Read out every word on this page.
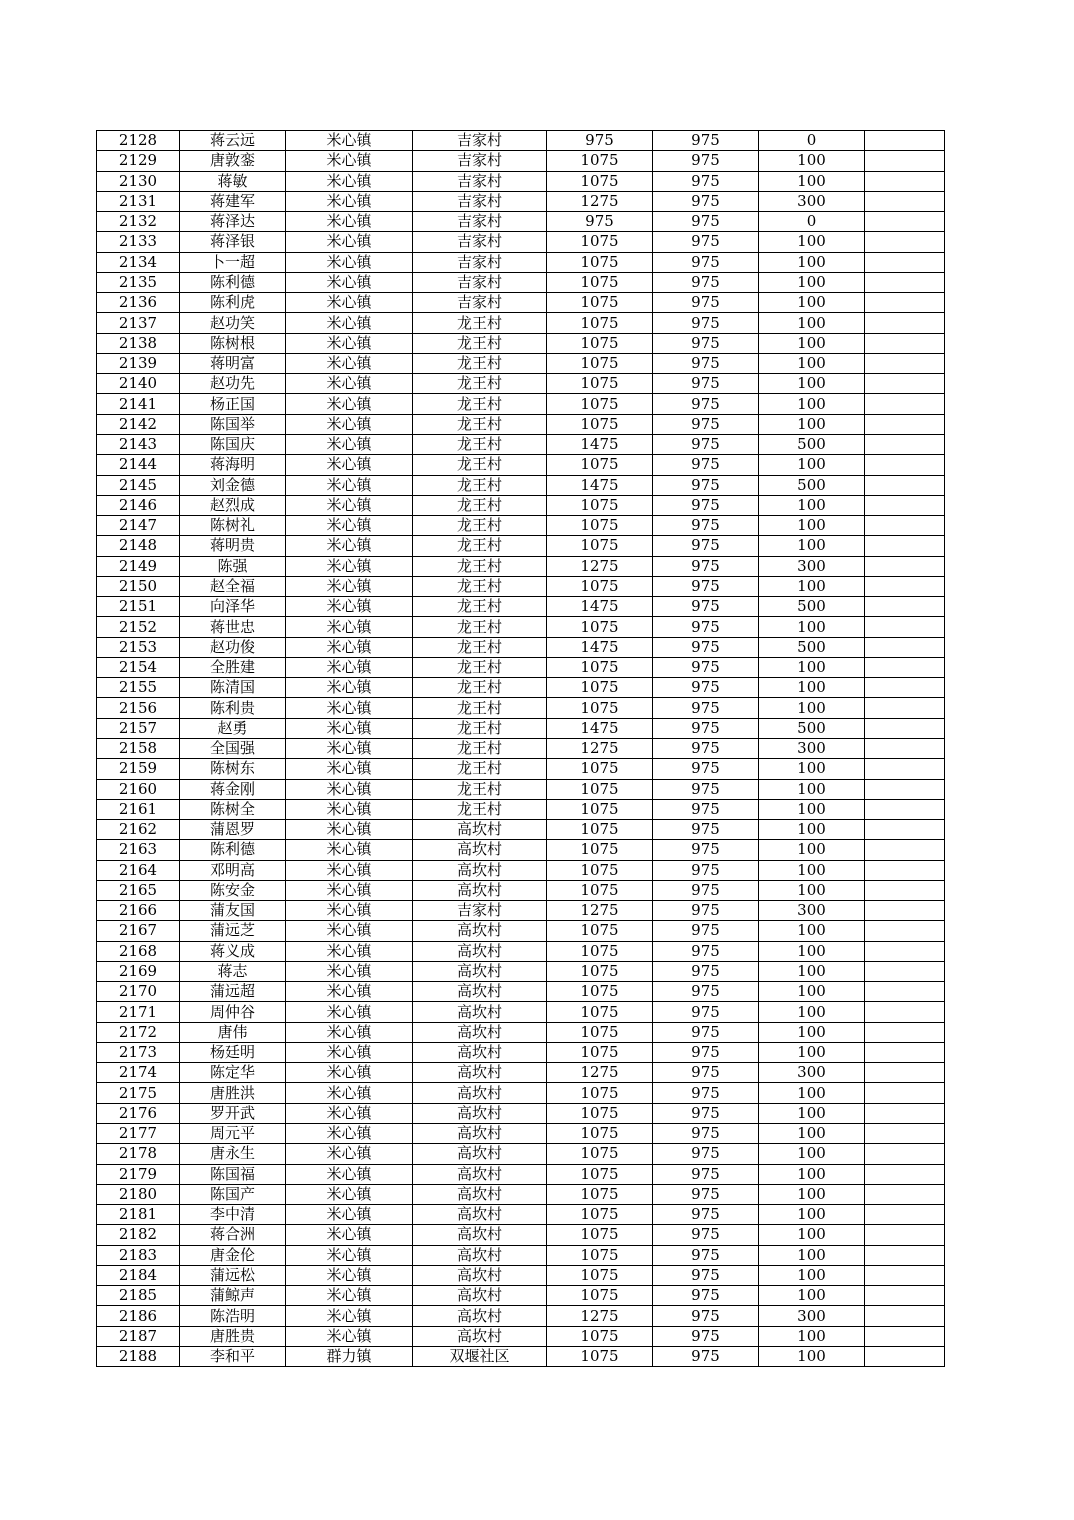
2128	蒋云远	米心镇	吉家村	975	975	0	
2129	唐敦銮	米心镇	吉家村	1075	975	100	
2130	蒋敏	米心镇	吉家村	1075	975	100	
2131	蒋建军	米心镇	吉家村	1275	975	300	
2132	蒋泽达	米心镇	吉家村	975	975	0	
2133	蒋泽银	米心镇	吉家村	1075	975	100	
2134	卜一超	米心镇	吉家村	1075	975	100	
2135	陈利德	米心镇	吉家村	1075	975	100	
2136	陈利虎	米心镇	吉家村	1075	975	100	
2137	赵功笑	米心镇	龙王村	1075	975	100	
2138	陈树根	米心镇	龙王村	1075	975	100	
2139	蒋明富	米心镇	龙王村	1075	975	100	
2140	赵功先	米心镇	龙王村	1075	975	100	
2141	杨正国	米心镇	龙王村	1075	975	100	
2142	陈国举	米心镇	龙王村	1075	975	100	
2143	陈国庆	米心镇	龙王村	1475	975	500	
2144	蒋海明	米心镇	龙王村	1075	975	100	
2145	刘金德	米心镇	龙王村	1475	975	500	
2146	赵烈成	米心镇	龙王村	1075	975	100	
2147	陈树礼	米心镇	龙王村	1075	975	100	
2148	蒋明贵	米心镇	龙王村	1075	975	100	
2149	陈强	米心镇	龙王村	1275	975	300	
2150	赵全福	米心镇	龙王村	1075	975	100	
2151	向泽华	米心镇	龙王村	1475	975	500	
2152	蒋世忠	米心镇	龙王村	1075	975	100	
2153	赵功俊	米心镇	龙王村	1475	975	500	
2154	全胜建	米心镇	龙王村	1075	975	100	
2155	陈清国	米心镇	龙王村	1075	975	100	
2156	陈利贵	米心镇	龙王村	1075	975	100	
2157	赵勇	米心镇	龙王村	1475	975	500	
2158	全国强	米心镇	龙王村	1275	975	300	
2159	陈树东	米心镇	龙王村	1075	975	100	
2160	蒋金刚	米心镇	龙王村	1075	975	100	
2161	陈树全	米心镇	龙王村	1075	975	100	
2162	蒲恩罗	米心镇	高坎村	1075	975	100	
2163	陈利德	米心镇	高坎村	1075	975	100	
2164	邓明高	米心镇	高坎村	1075	975	100	
2165	陈安金	米心镇	高坎村	1075	975	100	
2166	蒲友国	米心镇	吉家村	1275	975	300	
2167	蒲远芝	米心镇	高坎村	1075	975	100	
2168	蒋义成	米心镇	高坎村	1075	975	100	
2169	蒋志	米心镇	高坎村	1075	975	100	
2170	蒲远超	米心镇	高坎村	1075	975	100	
2171	周仲谷	米心镇	高坎村	1075	975	100	
2172	唐伟	米心镇	高坎村	1075	975	100	
2173	杨廷明	米心镇	高坎村	1075	975	100	
2174	陈定华	米心镇	高坎村	1275	975	300	
2175	唐胜洪	米心镇	高坎村	1075	975	100	
2176	罗开武	米心镇	高坎村	1075	975	100	
2177	周元平	米心镇	高坎村	1075	975	100	
2178	唐永生	米心镇	高坎村	1075	975	100	
2179	陈国福	米心镇	高坎村	1075	975	100	
2180	陈国产	米心镇	高坎村	1075	975	100	
2181	李中清	米心镇	高坎村	1075	975	100	
2182	蒋合洲	米心镇	高坎村	1075	975	100	
2183	唐金伦	米心镇	高坎村	1075	975	100	
2184	蒲远松	米心镇	高坎村	1075	975	100	
2185	蒲鲸声	米心镇	高坎村	1075	975	100	
2186	陈浩明	米心镇	高坎村	1275	975	300	
2187	唐胜贵	米心镇	高坎村	1075	975	100	
2188	李和平	群力镇	双堰社区	1075	975	100	
